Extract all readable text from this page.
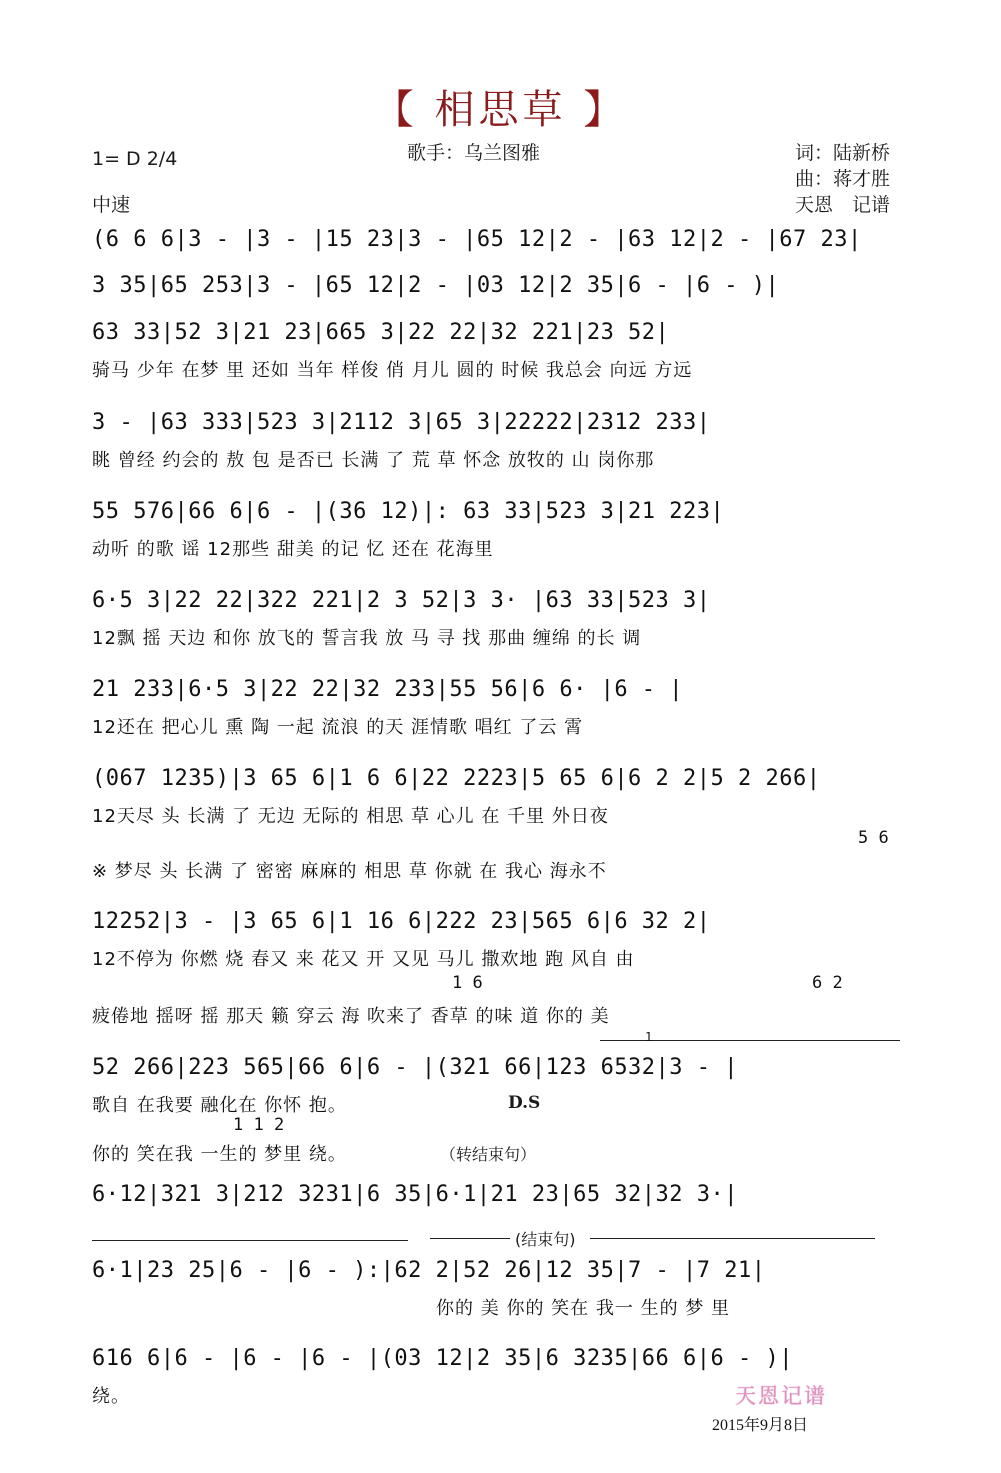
【 相思草 】
1= D 2/4
中速
歌手：乌兰图雅	词：陆新桥
曲：蒋才胜
天恩　记谱
(6 6 6|3 - |3 - |15 23|3 - |65 12|2 - |63 12|2 - |67 23|
3 35|65 253|3 - |65 12|2 - |03 12|2 35|6 - |6 - )|
63 33|52 3|21 23|665 3|22 22|32 221|23 52|
骑马 少年 在梦 里 还如 当年 样俊 俏 月儿 圆的 时候 我总会 向远 方远
3 - |63 333|523 3|2112 3|65 3|22222|2312 233|
眺 曾经 约会的 敖 包 是否已 长满 了 荒 草 怀念 放牧的 山 岗你那
55 576|66 6|6 - |(36 12)|: 63 33|523 3|21 223|
动听 的歌 谣 12那些 甜美 的记 忆 还在 花海里
6·5 3|22 22|322 221|2 3 52|3 3· |63 33|523 3|
12飘 摇 天边 和你 放飞的 誓言我 放 马 寻 找 那曲 缠绵 的长 调
21 233|6·5 3|22 22|32 233|55 56|6 6· |6 - |
12还在 把心儿 熏 陶 一起 流浪 的天 涯情歌 唱红 了云 霄
(067 1235)|3 65 6|1 6 6|22 2223|5 65 6|6 2 2|5 2 266|
12天尽 头 长满 了 无边 无际的 相思 草 心儿 在 千里 外日夜
5 6
※ 梦尽 头 长满 了 密密 麻麻的 相思 草 你就 在 我心 海永不
12252|3 - |3 65 6|1 16 6|222 23|565 6|6 32 2|
12不停为 你燃 烧 春又 来 花又 开 又见 马儿 撒欢地 跑 风自 由
1 6	6 2
疲倦地 摇呀 摇 那天 籁 穿云 海 吹来了 香草 的味 道 你的 美
1
52 266|223 565|66 6|6 - |(321 66|123 6532|3 - |
歌自 在我要 融化在 你怀 抱。	D.S
1 1 2
你的 笑在我 一生的 梦里 绕。	（转结束句）
6·12|321 3|212 3231|6 35|6·1|21 23|65 32|32 3·|
(结束句)
6·1|23 25|6 - |6 - ):|62 2|52 26|12 35|7 - |7 21|
你的 美 你的 笑在 我一 生的 梦 里
616 6|6 - |6 - |6 - |(03 12|2 35|6 3235|66 6|6 - )|
绕。	天恩记谱
2015年9月8日
